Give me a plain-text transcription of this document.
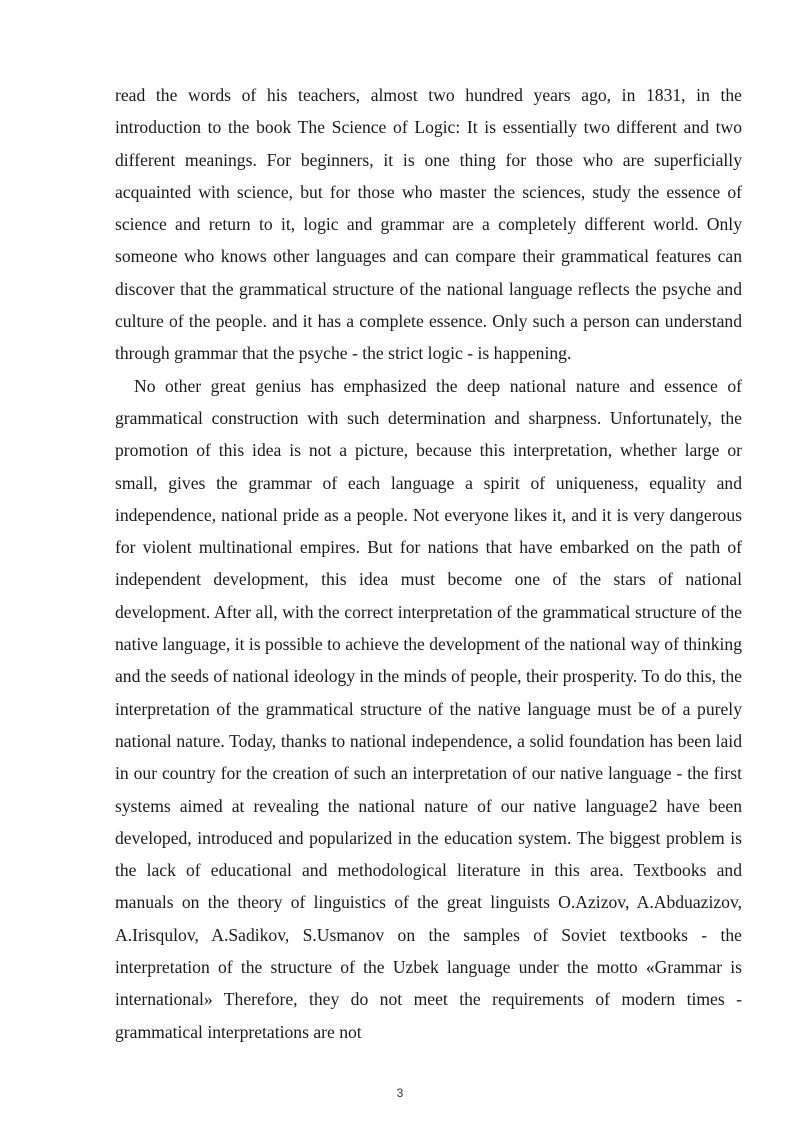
read the words of his teachers, almost two hundred years ago, in 1831, in the introduction to the book The Science of Logic: It is essentially two different and two different meanings. For beginners, it is one thing for those who are superficially acquainted with science, but for those who master the sciences, study the essence of science and return to it, logic and grammar are a completely different world. Only someone who knows other languages and can compare their grammatical features can discover that the grammatical structure of the national language reflects the psyche and culture of the people. and it has a complete essence. Only such a person can understand through grammar that the psyche - the strict logic - is happening.

No other great genius has emphasized the deep national nature and essence of grammatical construction with such determination and sharpness. Unfortunately, the promotion of this idea is not a picture, because this interpretation, whether large or small, gives the grammar of each language a spirit of uniqueness, equality and independence, national pride as a people. Not everyone likes it, and it is very dangerous for violent multinational empires. But for nations that have embarked on the path of independent development, this idea must become one of the stars of national development. After all, with the correct interpretation of the grammatical structure of the native language, it is possible to achieve the development of the national way of thinking and the seeds of national ideology in the minds of people, their prosperity. To do this, the interpretation of the grammatical structure of the native language must be of a purely national nature. Today, thanks to national independence, a solid foundation has been laid in our country for the creation of such an interpretation of our native language - the first systems aimed at revealing the national nature of our native language2 have been developed, introduced and popularized in the education system. The biggest problem is the lack of educational and methodological literature in this area. Textbooks and manuals on the theory of linguistics of the great linguists O.Azizov, A.Abduazizov, A.Irisqulov, A.Sadikov, S.Usmanov on the samples of Soviet textbooks - the interpretation of the structure of the Uzbek language under the motto «Grammar is international» Therefore, they do not meet the requirements of modern times - grammatical interpretations are not

3
